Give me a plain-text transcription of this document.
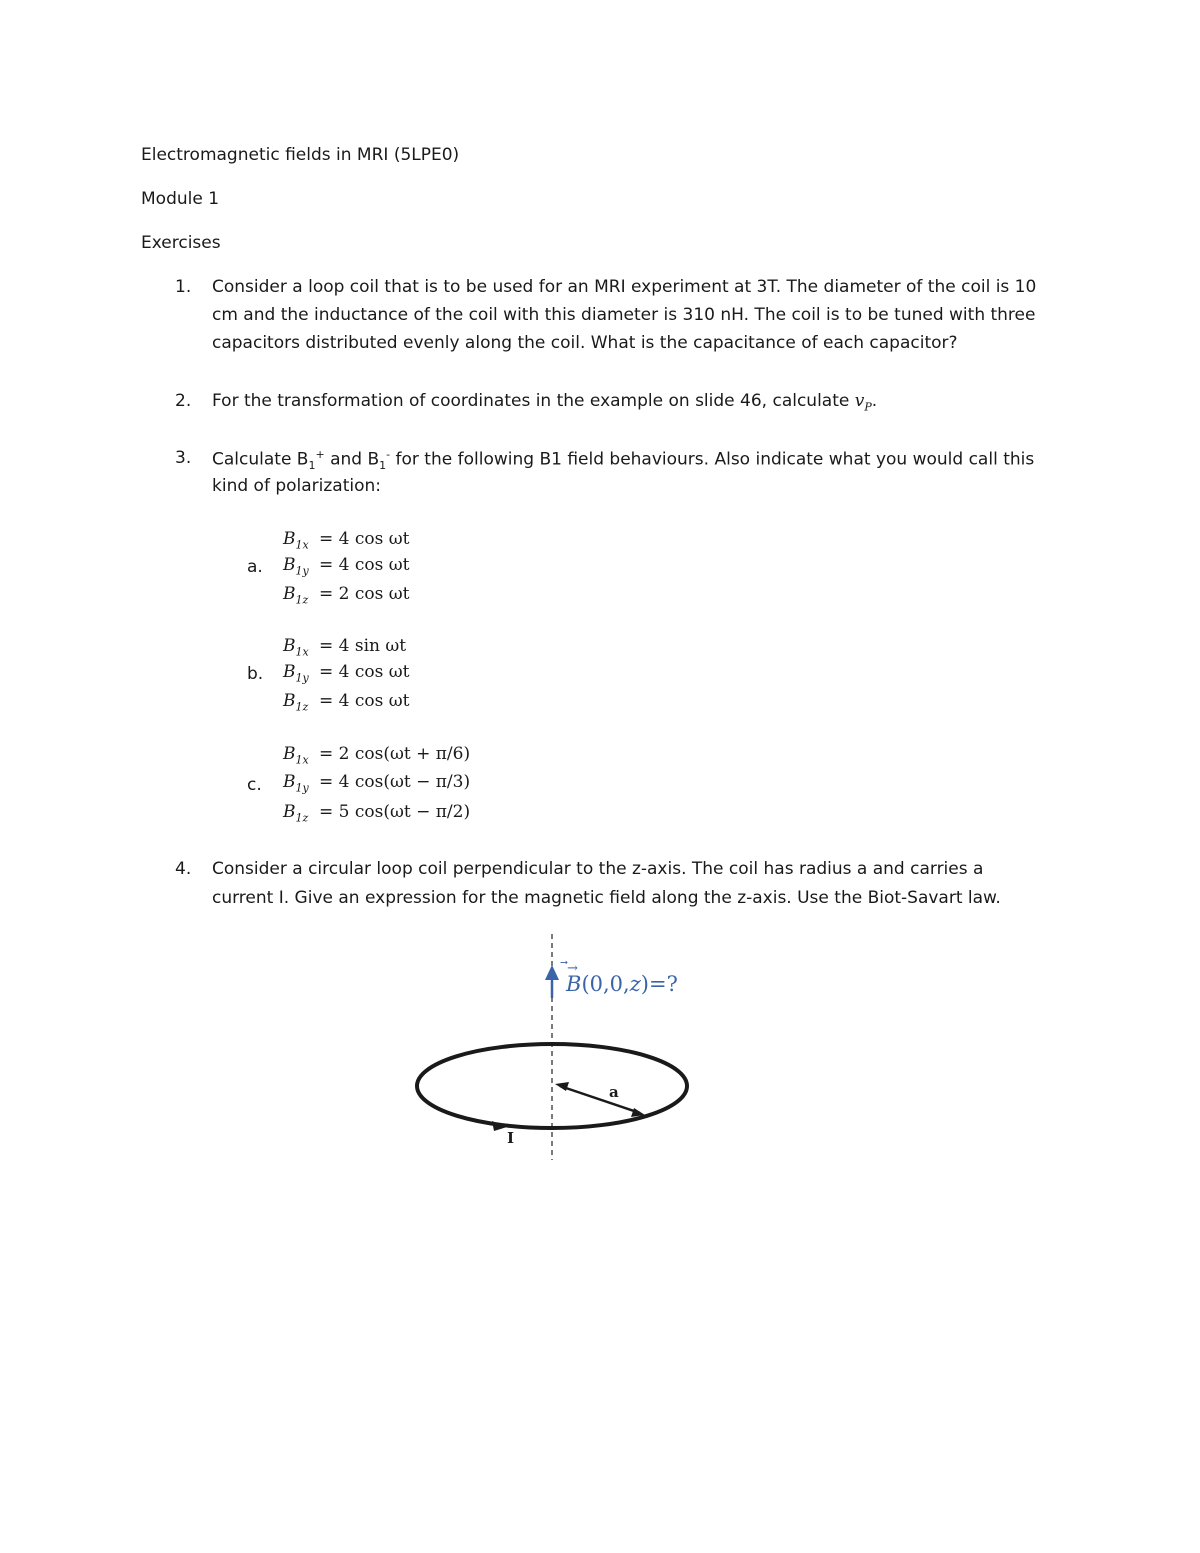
Electromagnetic fields in MRI (5LPE0)
Module 1
Exercises
1. Consider a loop coil that is to be used for an MRI experiment at 3T. The diameter of the coil is 10
cm and the inductance of the coil with this diameter is 310 nH. The coil is to be tuned with three
capacitors distributed evenly along the coil. What is the capacitance of each capacitor?
2. For the transformation of coordinates in the example on slide 46, calculate $v_P$.
3. Calculate $B_1^+$ and $B_1^-$ for the following B1 field behaviours. Also indicate what you would call this
kind of polarization:
a.
$B_{1x} = 4$ cos ωt
$B_{1y} = 4$ cos ωt
$B_{1z} = 2$ cos ωt
b.
$B_{1x} = 4$ sin ωt
$B_{1y} = 4$ cos ωt
$B_{1z} = 4$ cos ωt
c.
$B_{1x} = 2$ cos(ωt + π/6)
$B_{1y} = 4$ cos(ωt − π/3)
$B_{1z} = 5$ cos(ωt − π/2)
4. Consider a circular loop coil perpendicular to the z-axis. The coil has radius a and carries a
current I. Give an expression for the magnetic field along the z-axis. Use the Biot-Savart law.
→
B(0,0,z)=?
a
I
